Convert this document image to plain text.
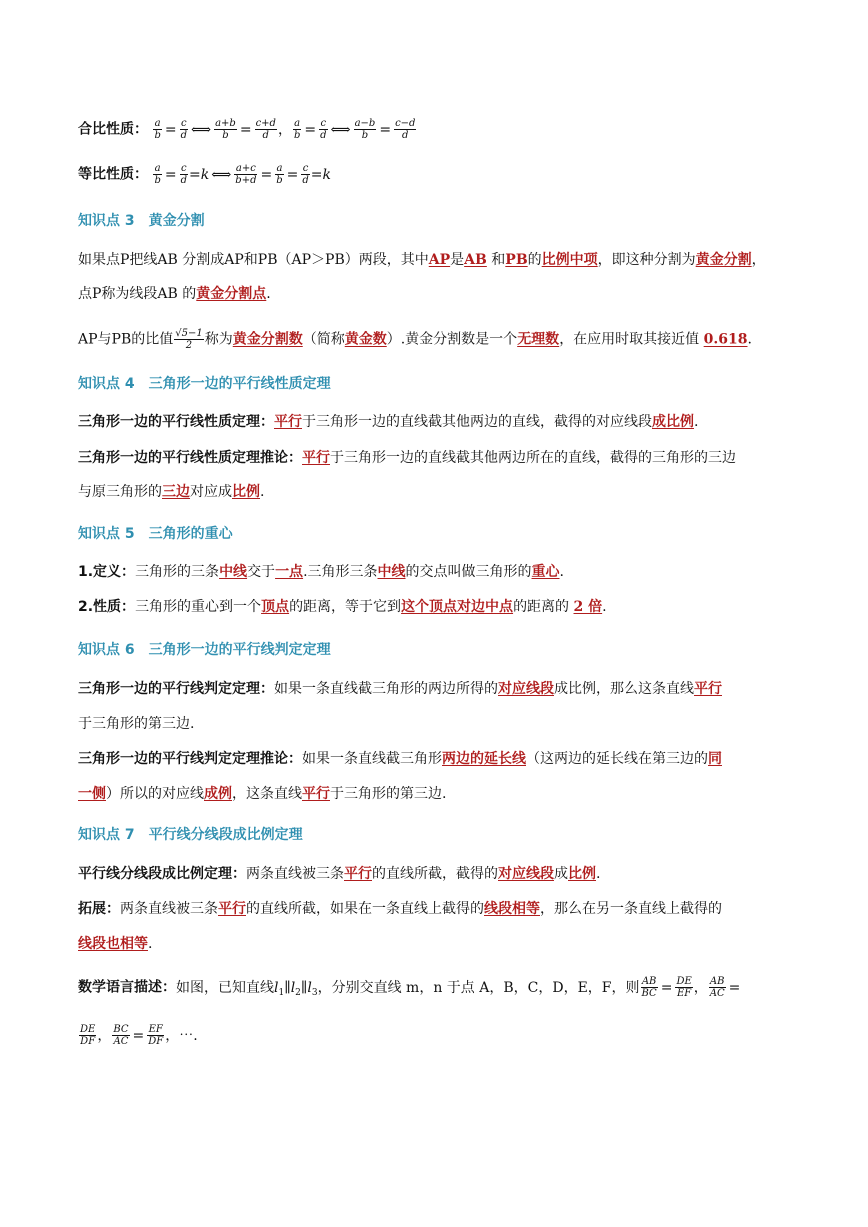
合比性质： $\frac{a}{b} = \frac{c}{d}$ ⟺ $\frac{a+b}{b} = \frac{c+d}{d}$ ， $\frac{a}{b} = \frac{c}{d}$ ⟺ $\frac{a-b}{b} = \frac{c-d}{d}$
等比性质： $\frac{a}{b} = \frac{c}{d} =k$ ⟺ $\frac{a+c}{b+d} = \frac{a}{b} = \frac{c}{d} =k$
知识点 3　黄金分割
如果点P把线AB 分割成AP和PB（AP＞PB）两段，其中AP是AB 和PB的比例中项，即这种分割为黄金分割，
点P称为线段AB 的黄金分割点.
AP与PB的比值 $\frac{√5-1}{2}$ 称为黄金分割数（简称黄金数）.黄金分割数是一个无理数，在应用时取其接近值 0.618.
知识点 4　三角形一边的平行线性质定理
三角形一边的平行线性质定理：平行于三角形一边的直线截其他两边的直线，截得的对应线段成比例.
三角形一边的平行线性质定理推论：平行于三角形一边的直线截其他两边所在的直线，截得的三角形的三边
与原三角形的三边对应成比例.
知识点 5　三角形的重心
1.定义：三角形的三条中线交于一点.三角形三条中线的交点叫做三角形的重心.
2.性质：三角形的重心到一个顶点的距离，等于它到这个顶点对边中点的距离的 2 倍.
知识点 6　三角形一边的平行线判定定理
三角形一边的平行线判定定理：如果一条直线截三角形的两边所得的对应线段成比例，那么这条直线平行
于三角形的第三边.
三角形一边的平行线判定定理推论：如果一条直线截三角形两边的延长线（这两边的延长线在第三边的同
一侧）所以的对应线成例，这条直线平行于三角形的第三边.
知识点 7　平行线分线段成比例定理
平行线分线段成比例定理：两条直线被三条平行的直线所截，截得的对应线段成比例.
拓展：两条直线被三条平行的直线所截，如果在一条直线上截得的线段相等，那么在另一条直线上截得的
线段也相等.
数学语言描述：如图，已知直线$l_1\parallel l_2\parallel l_3$，分别交直线 m，n 于点 A，B，C，D，E，F，则 $\frac{AB}{BC} = \frac{DE}{EF}$ ， $\frac{AB}{AC}$ =
$\frac{DE}{DF}$ ， $\frac{BC}{AC} = \frac{EF}{DF}$ ，⋯.
